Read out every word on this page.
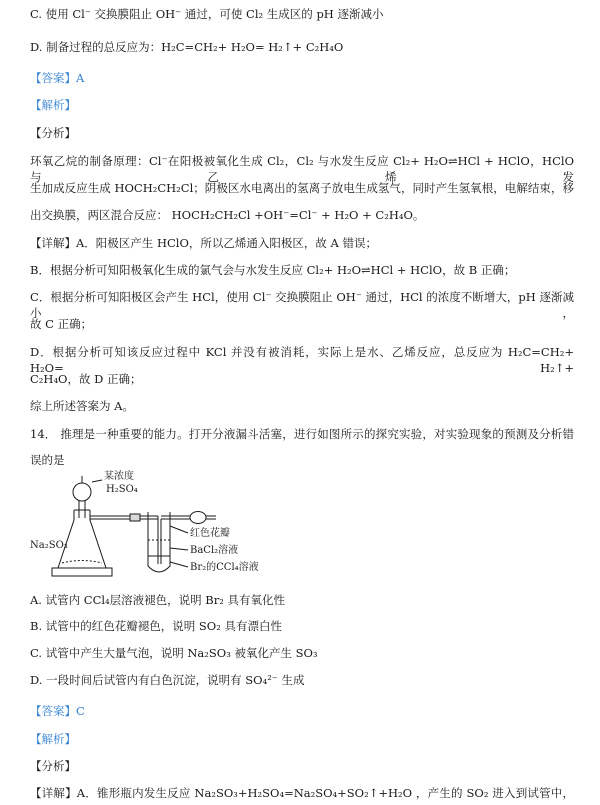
C. 使用 Cl⁻ 交换膜阻止 OH⁻ 通过，可使 Cl₂ 生成区的 pH 逐渐减小
D. 制备过程的总反应为：H₂C=CH₂+ H₂O= H₂↑+ C₂H₄O
【答案】A
【解析】
【分析】
环氧乙烷的制备原理：Cl⁻在阳极被氧化生成 Cl₂，Cl₂ 与水发生反应 Cl₂+ H₂O⇌HCl + HClO，HClO 与乙烯发
生加成反应生成 HOCH₂CH₂Cl；阴极区水电离出的氢离子放电生成氢气，同时产生氢氧根，电解结束，移
出交换膜，两区混合反应： HOCH₂CH₂Cl +OH⁻=Cl⁻ + H₂O + C₂H₄O。
【详解】A．阳极区产生 HClO，所以乙烯通入阳极区，故 A 错误；
B．根据分析可知阳极氧化生成的氯气会与水发生反应 Cl₂+ H₂O⇌HCl + HClO，故 B 正确；
C．根据分析可知阳极区会产生 HCl，使用 Cl⁻ 交换膜阻止 OH⁻ 通过，HCl 的浓度不断增大，pH 逐渐减小，
故 C 正确；
D．根据分析可知该反应过程中 KCl 并没有被消耗，实际上是水、乙烯反应，总反应为 H₂C=CH₂+ H₂O= H₂↑+
C₂H₄O，故 D 正确；
综上所述答案为 A。
14． 推理是一种重要的能力。打开分液漏斗活塞，进行如图所示的探究实验，对实验现象的预测及分析错
误的是
某浓度
H₂SO₄
Na₂SO₃
红色花瓣
BaCl₂溶液
Br₂的CCl₄溶液
A. 试管内 CCl₄层溶液褪色，说明 Br₂ 具有氧化性
B. 试管中的红色花瓣褪色，说明 SO₂ 具有漂白性
C. 试管中产生大量气泡，说明 Na₂SO₃ 被氧化产生 SO₃
D. 一段时间后试管内有白色沉淀，说明有 SO₄²⁻ 生成
【答案】C
【解析】
【分析】
【详解】A．锥形瓶内发生反应 Na₂SO₃+H₂SO₄=Na₂SO₄+SO₂↑+H₂O ，产生的 SO₂ 进入到试管中，
